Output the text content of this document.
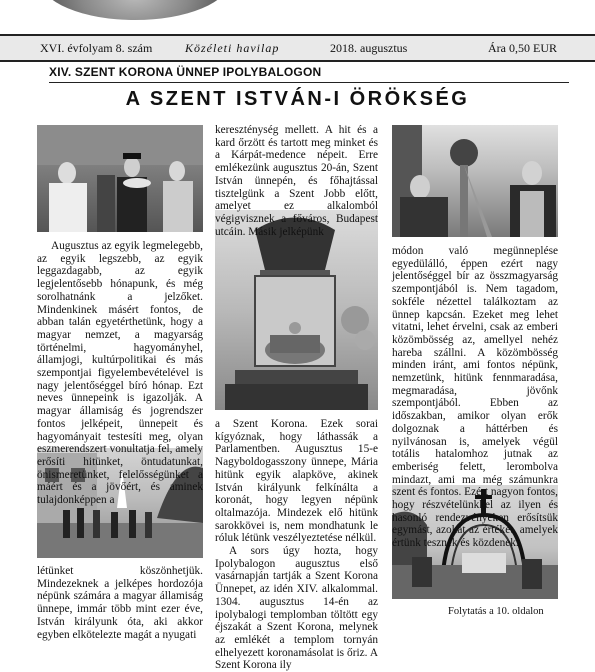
XVI. évfolyam 8. szám	Közéleti havilap	2018. augusztus	Ára 0,50 EUR
XIV. SZENT KORONA ÜNNEP IPOLYBALOGON
A SZENT ISTVÁN-I ÖRÖKSÉG

Augusztus az egyik legmelegebb, az egyik legszebb, az egyik leggazdagabb, az egyik legjelentősebb hónapunk, és még sorolhatnánk a jelzőket. Mindenkinek másért fontos, de abban talán egyetérthetünk, hogy a magyar nemzet, a magyarság történelmi, hagyományhel, államjogi, kultúrpolitikai és más szempontjai figyelembevételével is nagy jelentőséggel bíró hónap. Ezt neves ünnepeink is igazolják. A magyar államiság és jogrendszer fontos jelképeit, ünnepeit és hagyományait testesíti meg, olyan eszmerendszert vonultatja fel, amely erősíti hitünket, öntudatunkat, önismeretünket, felelősségünket a máért és a jövőért, és aminek tulajdonképpen a

létünket köszönhetjük. Mindezeknek a jelképes hordozója népünk számára a magyar államiság ünnepe, immár több mint ezer éve, István királyunk óta, aki akkor egyben elkötelezte magát a nyugati

kereszténység mellett. A hit és a kard őrzött és tartott meg minket és a Kárpát-medence népeit. Erre emlékezünk augusztus 20-án, Szent István ünnepén, és főhajtással tisztelgünk a Szent Jobb előtt, amelyet ez alkalomból végigvisznek a főváros, Budapest utcáin. Másik jelképünk

a Szent Korona. Ezek sorai kígyóznak, hogy láthassák a Parlamentben. Augusztus 15-e Nagyboldogasszony ünnepe, Mária hitünk egyik alapköve, akinek István királyunk felkínálta a koronát, hogy legyen népünk oltalmazója. Mindezek elő hitünk sarokkövei is, nem mondhatunk le róluk létünk veszélyeztetése nélkül.

A sors úgy hozta, hogy Ipolybalogon augusztus első vasárnapján tartják a Szent Korona Ünnepet, az idén XIV. alkalommal. 1304. augusztus 14-én az ipolybalogi templomban töltött egy éjszakát a Szent Korona, melynek az emlékét a templom tornyán elhelyezett koronamásolat is őriz. A Szent Korona ily

módon való megünneplése egyedülálló, éppen ezért nagy jelentőséggel bír az összmagyarság szempontjából is. Nem tagadom, sokféle nézettel találkoztam az ünnep kapcsán. Ezeket meg lehet vitatni, lehet érvelni, csak az emberi közömbösség az, amellyel nehéz hareba szállni. A közömbösség minden iránt, ami fontos népünk, nemzetünk, hitünk fennmaradása, megmaradása, jövőnk szempontjából. Ebben az időszakban, amikor olyan erők dolgoznak a háttérben és nyilvánosan is, amelyek végül totális hatalomhoz jutnak az emberiség felett, lerombolva mindazt, ami ma még számunkra szent és fontos. Ezért nagyon fontos, hogy részvételünkkel az ilyen és hasonló rendezvényeken erősítsük egymást, azokat az értéket, amelyek értünk tesznek és közdenek.

Folytatás a 10. oldalon
